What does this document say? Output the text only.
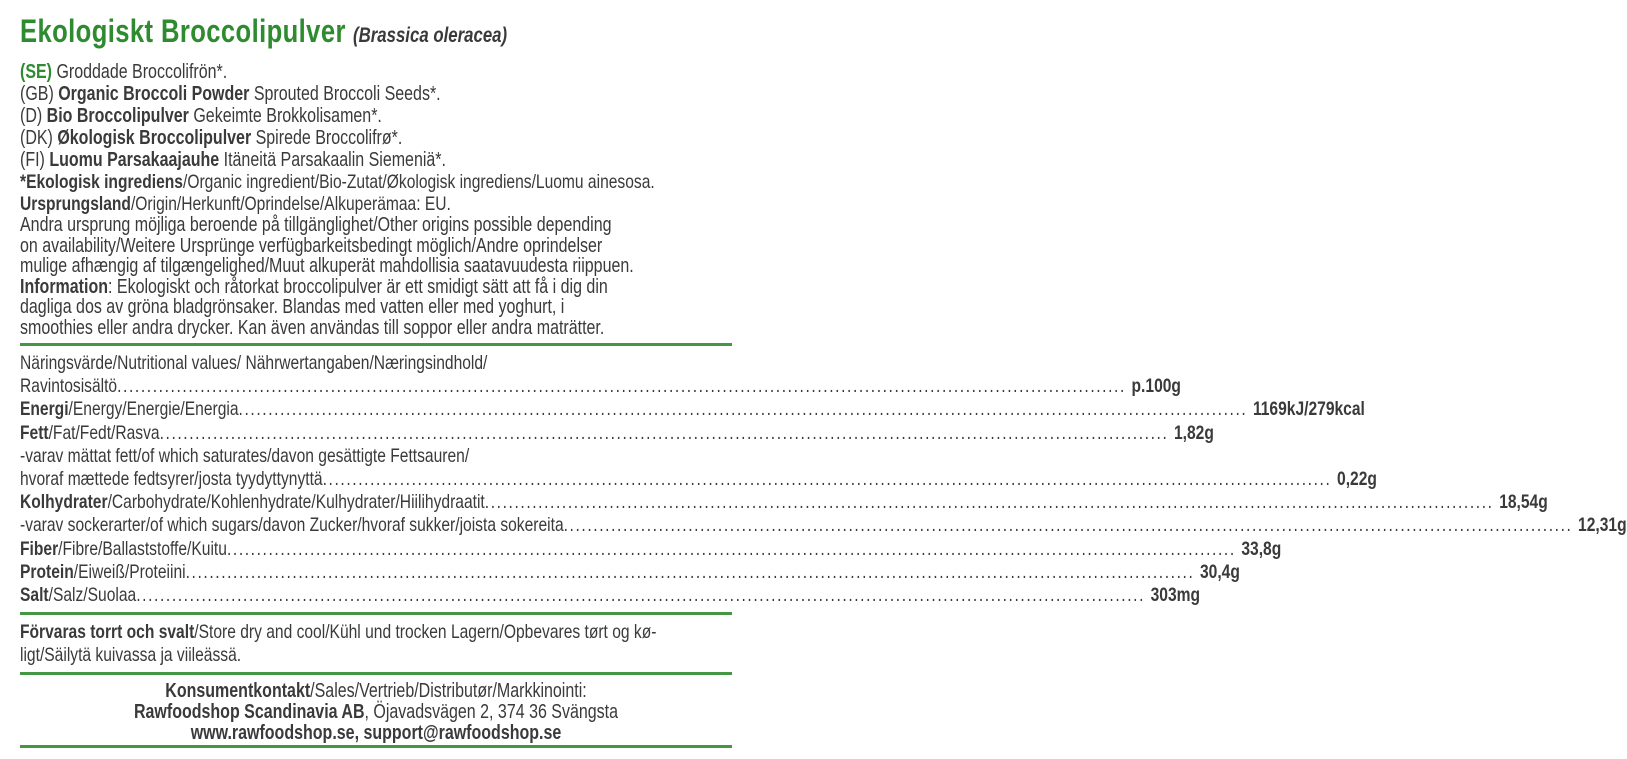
Ekologiskt Broccolipulver (Brassica oleracea)
(SE) Groddade Broccolifrön*.
(GB) Organic Broccoli Powder Sprouted Broccoli Seeds*.
(D) Bio Broccolipulver Gekeimte Brokkolisamen*.
(DK) Økologisk Broccolipulver Spirede Broccolifrø*.
(FI) Luomu Parsakaajauhe Itäneitä Parsakaalin Siemeniä*.
*Ekologisk ingrediens/Organic ingredient/Bio-Zutat/Økologisk ingrediens/Luomu ainesosa.
Ursprungsland/Origin/Herkunft/Oprindelse/Alkuperämaa: EU.
Andra ursprung möjliga beroende på tillgänglighet/Other origins possible depending
on availability/Weitere Ursprünge verfügbarkeitsbedingt möglich/Andre oprindelser
mulige afhængig af tilgængelighed/Muut alkuperät mahdollisia saatavuudesta riippuen.
Information: Ekologiskt och råtorkat broccolipulver är ett smidigt sätt att få i dig din
dagliga dos av gröna bladgrönsaker. Blandas med vatten eller med yoghurt, i
smoothies eller andra drycker. Kan även användas till soppor eller andra maträtter.
Näringsvärde/Nutritional values/ Nährwertangaben/Næringsindhold/
Ravintosisältö .....	p.100g
Energi /Energy/Energie/Energia .....	1169kJ/279kcal
Fett /Fat/Fedt/Rasva .....	1,82g
-varav mättat fett/of which saturates/davon gesättigte Fettsauren/
hvoraf mættede fedtsyrer/josta tyydyttynyttä .....	0,22g
Kolhydrater /Carbohydrate/Kohlenhydrate/Kulhydrater/Hiilihydraatit .....	18,54g
-varav sockerarter/of which sugars/davon Zucker/hvoraf sukker/joista sokereita .....	12,31g
Fiber /Fibre/Ballaststoffe/Kuitu .....	33,8g
Protein /Eiweiß/Proteiini .....	30,4g
Salt /Salz/Suolaa .....	303mg
Förvaras torrt och svalt/Store dry and cool/Kühl und trocken Lagern/Opbevares tørt og kø-
ligt/Säilytä kuivassa ja viileässä.
Konsumentkontakt/Sales/Vertrieb/Distributør/Markkinointi:
Rawfoodshop Scandinavia AB, Öjavadsvägen 2, 374 36 Svängsta
www.rawfoodshop.se, support@rawfoodshop.se
